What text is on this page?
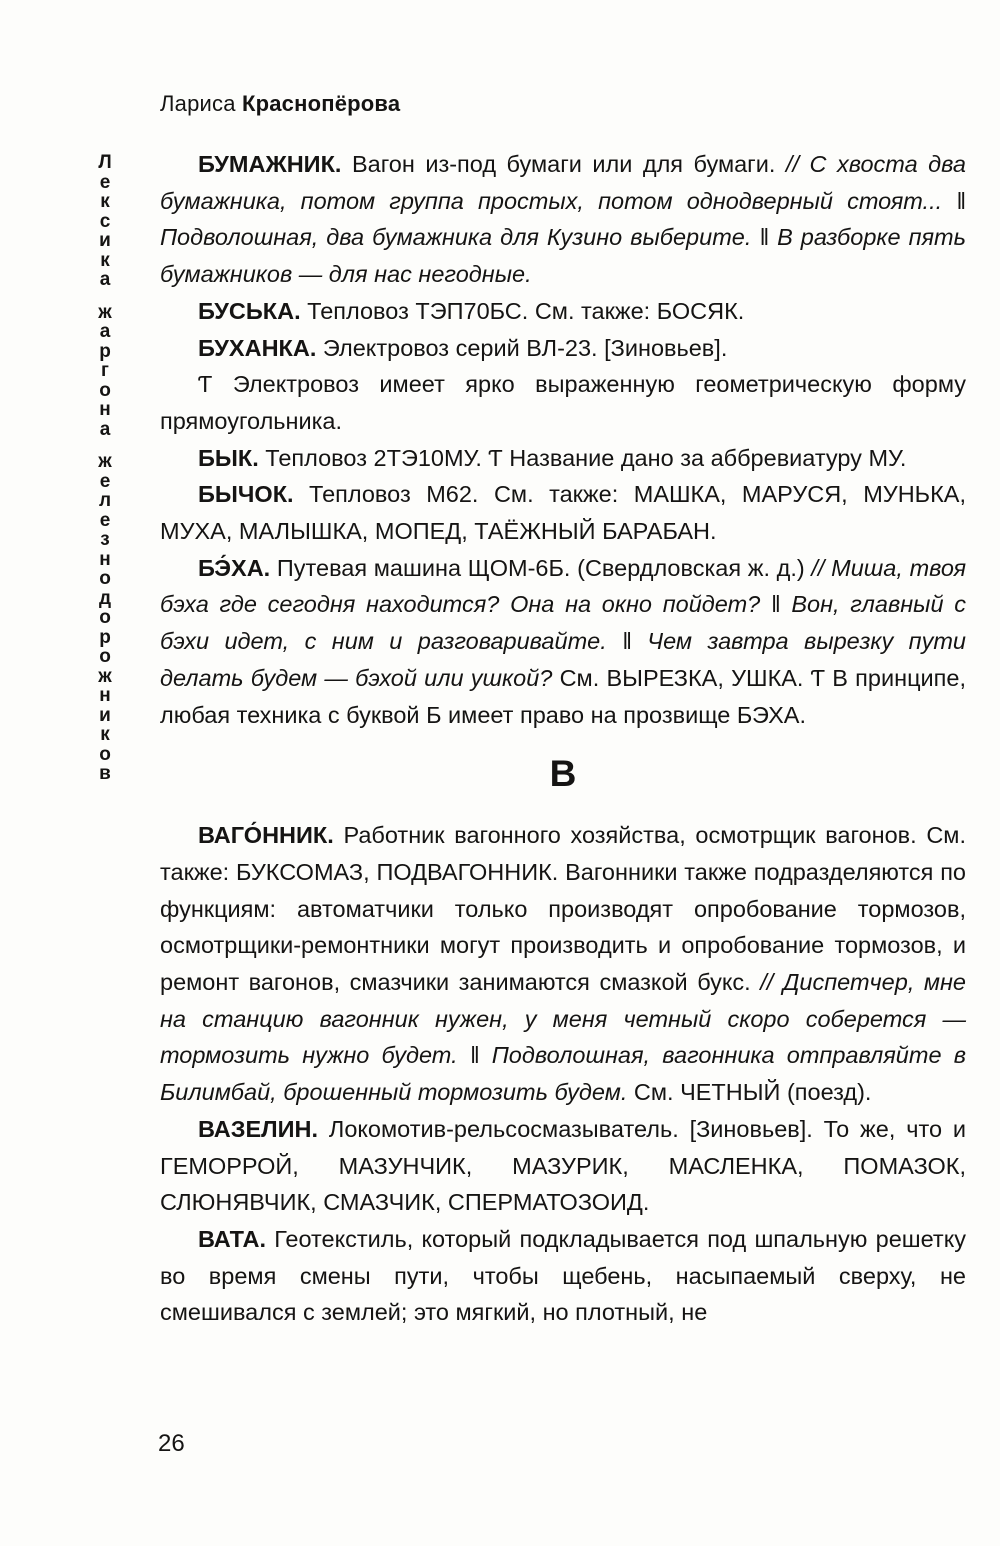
Лариса Краснопёрова
Л
е
к
с
и
к
а
ж
а
р
г
о
н
а
ж
е
л
е
з
н
о
д
о
р
о
ж
н
и
к
о
в

БУМАЖНИК. Вагон из-под бумаги или для бумаги. // С хвоста два бумажника, потом группа простых, потом однодверный стоят... ‖ Подволошная, два бумажника для Кузино выберите. ‖ В разборке пять бумажников — для нас негодные.

БУСЬКА. Тепловоз ТЭП70БС. См. также: БОСЯК.

БУХАНКА. Электровоз серий ВЛ-23. [Зиновьев].

Ƭ Электровоз имеет ярко выраженную геометрическую форму прямоугольника.

БЫК. Тепловоз 2ТЭ10МУ. Ƭ Название дано за аббревиатуру МУ.

БЫЧОК. Тепловоз М62. См. также: МАШКА, МАРУСЯ, МУНЬКА, МУХА, МАЛЫШКА, МОПЕД, ТАЁЖНЫЙ БАРАБАН.

БЭ́ХА. Путевая машина ЩОМ-6Б. (Свердловская ж. д.) // Миша, твоя бэха где сегодня находится? Она на окно пойдет? ‖ Вон, главный с бэхи идет, с ним и разговаривайте. ‖ Чем завтра вырезку пути делать будем — бэхой или ушкой? См. ВЫРЕЗКА, УШКА. Ƭ В принципе, любая техника с буквой Б имеет право на прозвище БЭХА.

В

ВАГО́ННИК. Работник вагонного хозяйства, осмотрщик вагонов. См. также: БУКСОМАЗ, ПОДВАГОННИК. Вагонники также подразделяются по функциям: автоматчики только производят опробование тормозов, осмотрщики-ремонтники могут производить и опробование тормозов, и ремонт вагонов, смазчики занимаются смазкой букс. // Диспетчер, мне на станцию вагонник нужен, у меня четный скоро соберется — тормозить нужно будет. ‖ Подволошная, вагонника отправляйте в Билимбай, брошенный тормозить будем. См. ЧЕТНЫЙ (поезд).

ВАЗЕЛИН. Локомотив-рельсосмазыватель. [Зиновьев]. То же, что и ГЕМОРРОЙ, МАЗУНЧИК, МАЗУРИК, МАСЛЕНКА, ПОМАЗОК, СЛЮНЯВЧИК, СМАЗЧИК, СПЕРМАТОЗОИД.

ВАТА. Геотекстиль, который подкладывается под шпальную решетку во время смены пути, чтобы щебень, насыпаемый сверху, не смешивался с землей; это мягкий, но плотный, не

26
